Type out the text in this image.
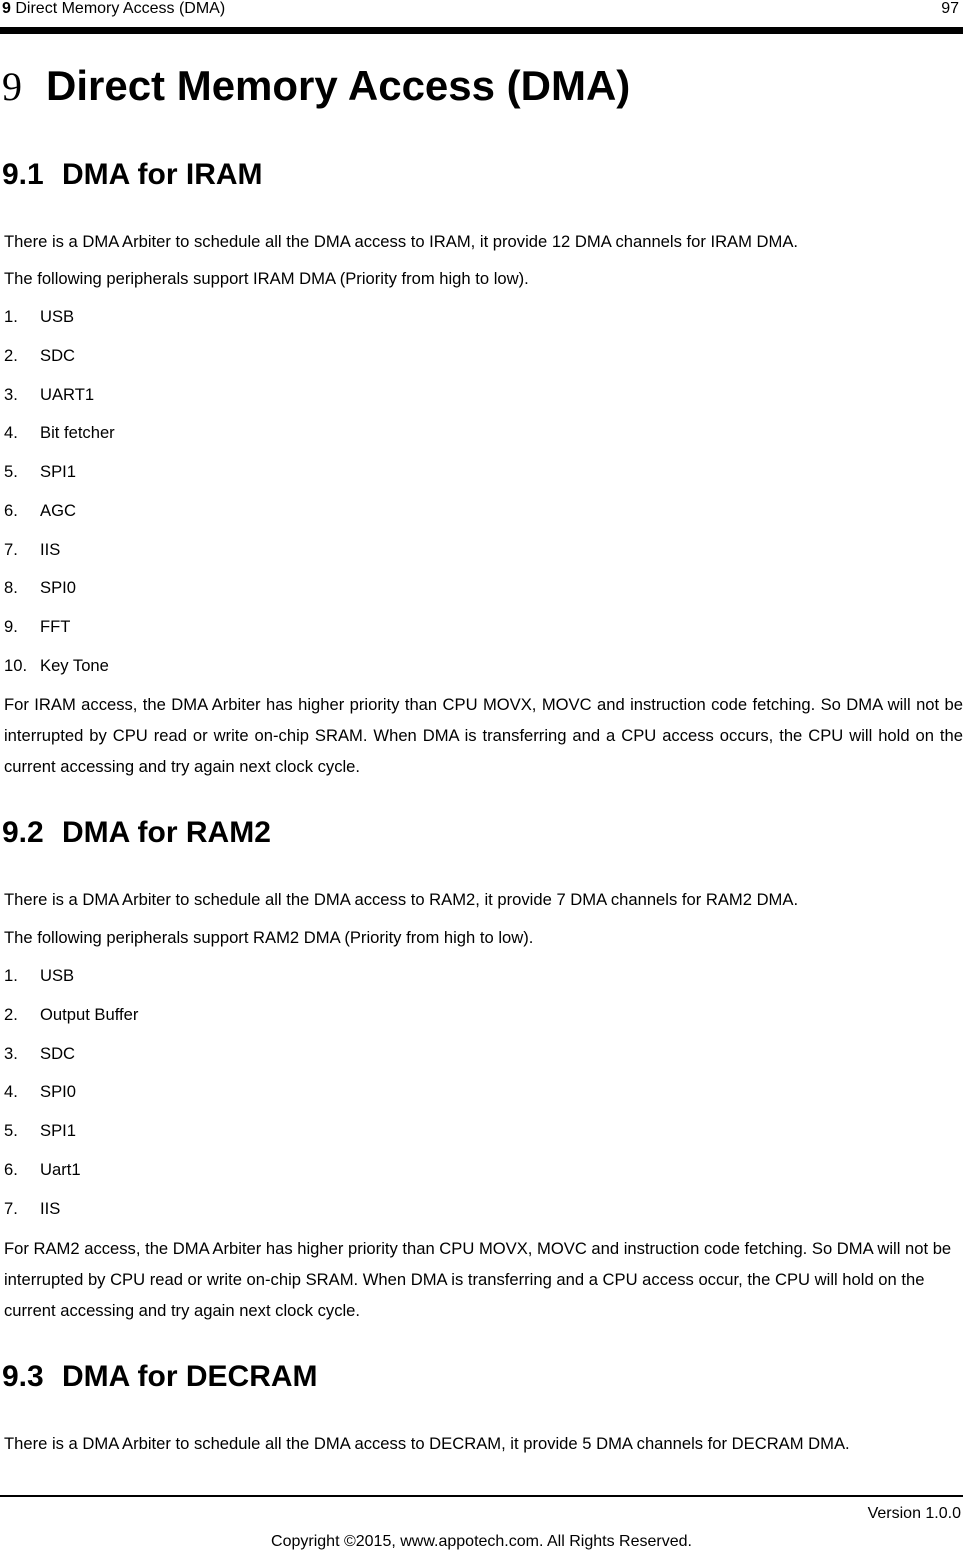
9 Direct Memory Access (DMA)	97
9 Direct Memory Access (DMA)
9.1 DMA for IRAM

There is a DMA Arbiter to schedule all the DMA access to IRAM, it provide 12 DMA channels for IRAM DMA.

The following peripherals support IRAM DMA (Priority from high to low).

1. USB
2. SDC
3. UART1
4. Bit fetcher
5. SPI1
6. AGC
7. IIS
8. SPI0
9. FFT
10. Key Tone

For IRAM access, the DMA Arbiter has higher priority than CPU MOVX, MOVC and instruction code fetching. So DMA will not be interrupted by CPU read or write on-chip SRAM. When DMA is transferring and a CPU access occurs, the CPU will hold on the current accessing and try again next clock cycle.

9.2 DMA for RAM2

There is a DMA Arbiter to schedule all the DMA access to RAM2, it provide 7 DMA channels for RAM2 DMA.

The following peripherals support RAM2 DMA (Priority from high to low).

1. USB
2. Output Buffer
3. SDC
4. SPI0
5. SPI1
6. Uart1
7. IIS

For RAM2 access, the DMA Arbiter has higher priority than CPU MOVX, MOVC and instruction code fetching. So DMA will not be interrupted by CPU read or write on-chip SRAM. When DMA is transferring and a CPU access occur, the CPU will hold on the current accessing and try again next clock cycle.

9.3 DMA for DECRAM

There is a DMA Arbiter to schedule all the DMA access to DECRAM, it provide 5 DMA channels for DECRAM DMA.

Version 1.0.0
Copyright ©2015, www.appotech.com. All Rights Reserved.
